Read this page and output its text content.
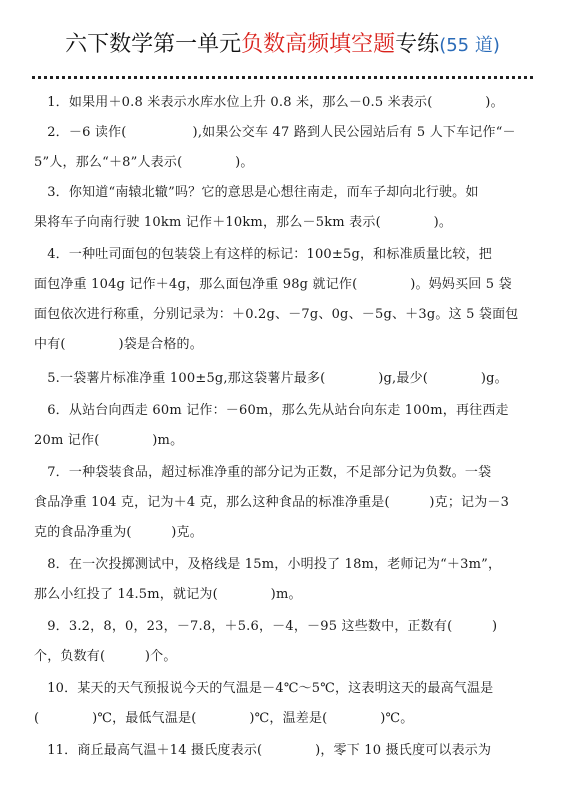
六下数学第一单元负数高频填空题专练(55 道)
　1．如果用＋0.8 米表示水库水位上升 0.8 米，那么－0.5 米表示(　　　　)。
　2．－6 读作(　　　　　),如果公交车 47 路到人民公园站后有 5 人下车记作“－
5”人，那么“＋8”人表示(　　　　)。
　3．你知道“南辕北辙”吗？它的意思是心想往南走，而车子却向北行驶。如
果将车子向南行驶 10km 记作＋10km，那么－5km 表示(　　　　)。
　4．一种吐司面包的包装袋上有这样的标记：100±5g，和标准质量比较，把
面包净重 104g 记作＋4g，那么面包净重 98g 就记作(　　　　)。妈妈买回 5 袋
面包依次进行称重，分别记录为：＋0.2g、－7g、0g、－5g、＋3g。这 5 袋面包
中有(　　　　)袋是合格的。
　5.一袋薯片标准净重 100±5g,那这袋薯片最多(　　　　)g,最少(　　　　)g。
　6．从站台向西走 60m 记作：－60m，那么先从站台向东走 100m，再往西走
20m 记作(　　　　)m。
　7．一种袋装食品，超过标准净重的部分记为正数，不足部分记为负数。一袋
食品净重 104 克，记为＋4 克，那么这种食品的标准净重是(　　　)克；记为－3
克的食品净重为(　　　)克。
　8．在一次投掷测试中，及格线是 15m，小明投了 18m，老师记为“＋3m”，
那么小红投了 14.5m，就记为(　　　　)m。
　9．3.2，8，0，23，－7.8，＋5.6，－4，－95 这些数中，正数有(　　　)
个，负数有(　　　)个。
　10．某天的天气预报说今天的气温是－4℃～5℃，这表明这天的最高气温是
(　　　　)℃，最低气温是(　　　　)℃，温差是(　　　　)℃。
　11．商丘最高气温＋14 摄氏度表示(　　　　)，零下 10 摄氏度可以表示为
